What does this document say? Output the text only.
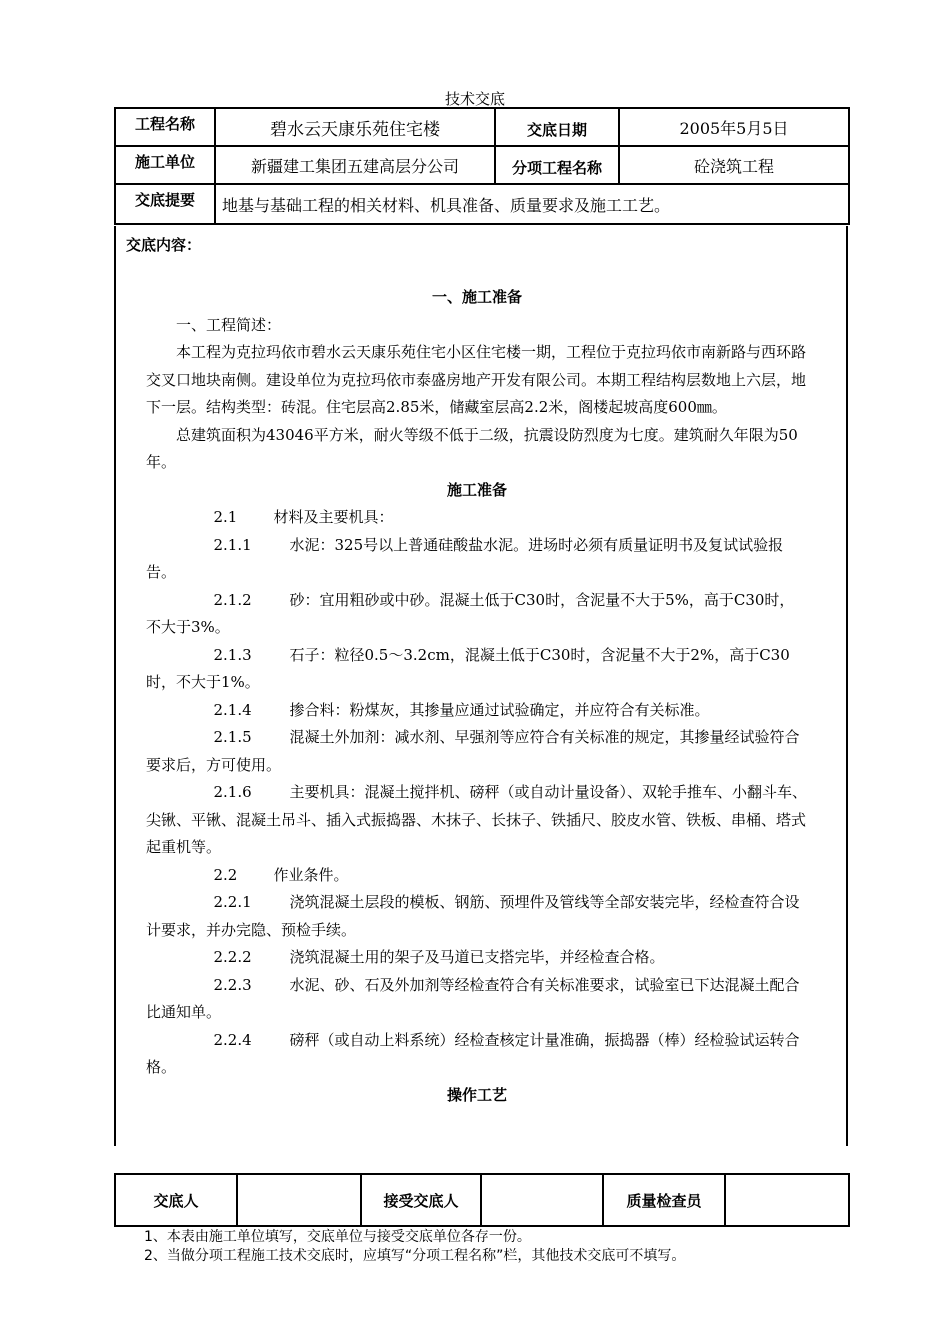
技术交底
工程名称	碧水云天康乐苑住宅楼	交底日期	2005年5月5日
施工单位	新疆建工集团五建高层分公司	分项工程名称	砼浇筑工程
交底提要	地基与基础工程的相关材料、机具准备、质量要求及施工工艺。		
交底内容：

一、施工准备

一、工程简述：

本工程为克拉玛依市碧水云天康乐苑住宅小区住宅楼一期，工程位于克拉玛依市南新路与西环路交叉口地块南侧。建设单位为克拉玛依市泰盛房地产开发有限公司。本期工程结构层数地上六层，地下一层。结构类型：砖混。住宅层高2.85米，储藏室层高2.2米，阁楼起坡高度600㎜。

总建筑面积为43046平方米，耐火等级不低于二级，抗震设防烈度为七度。建筑耐久年限为50年。

施工准备

2.1 材料及主要机具：

2.1.1	水泥：325号以上普通硅酸盐水泥。进场时必须有质量证明书及复试试验报告。

2.1.2	砂：宜用粗砂或中砂。混凝土低于C30时，含泥量不大于5%，高于C30时，不大于3%。

2.1.3	石子：粒径0.5～3.2cm，混凝土低于C30时，含泥量不大于2%，高于C30时，不大于1%。

2.1.4	掺合料：粉煤灰，其掺量应通过试验确定，并应符合有关标准。

2.1.5	混凝土外加剂：减水剂、早强剂等应符合有关标准的规定，其掺量经试验符合要求后，方可使用。

2.1.6	主要机具：混凝土搅拌机、磅秤（或自动计量设备）、双轮手推车、小翻斗车、尖锹、平锹、混凝土吊斗、插入式振捣器、木抹子、长抹子、铁插尺、胶皮水管、铁板、串桶、塔式起重机等。

2.2 作业条件。

2.2.1	浇筑混凝土层段的模板、钢筋、预埋件及管线等全部安装完毕，经检查符合设计要求，并办完隐、预检手续。

2.2.2	浇筑混凝土用的架子及马道已支搭完毕，并经检查合格。

2.2.3	水泥、砂、石及外加剂等经检查符合有关标准要求，试验室已下达混凝土配合比通知单。

2.2.4	磅秤（或自动上料系统）经检查核定计量准确，振捣器（棒）经检验试运转合格。

操作工艺

交底人		接受交底人		质量检查员	
1、本表由施工单位填写，交底单位与接受交底单位各存一份。
2、当做分项工程施工技术交底时，应填写“分项工程名称”栏，其他技术交底可不填写。
